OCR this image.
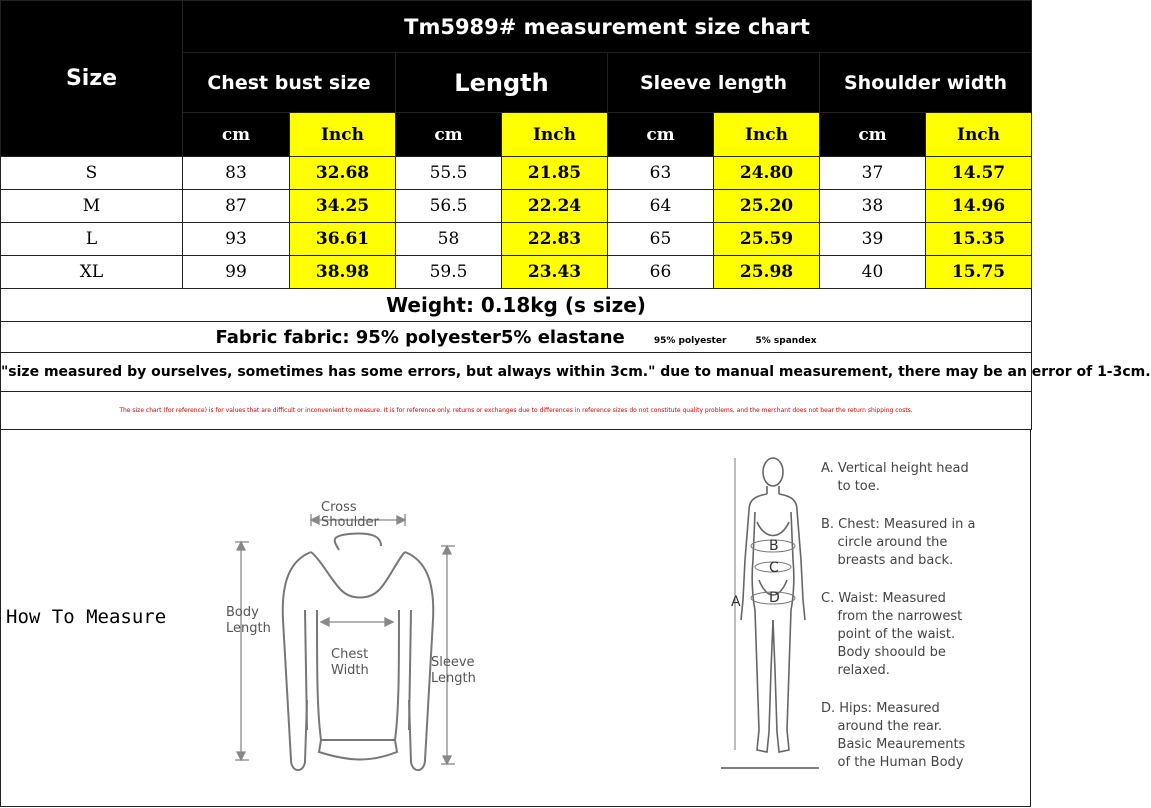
Size	Tm5989# measurement size chart							
	Chest bust size		Length		Sleeve length		Shoulder width	
	cm	Inch	cm	Inch	cm	Inch	cm	Inch
S	83	32.68	55.5	21.85	63	24.80	37	14.57
M	87	34.25	56.5	22.24	64	25.20	38	14.96
L	93	36.61	58	22.83	65	25.59	39	15.35
XL	99	38.98	59.5	23.43	66	25.98	40	15.75
Weight: 0.18kg (s size)								
Fabric fabric: 95% polyester5% elastane 95% polyester 5% spandex								
"size measured by ourselves, sometimes has some errors, but always within 3cm." due to manual measurement, there may be an error of 1-3cm.								
The size chart (for reference) is for values that are difficult or inconvenient to measure. It is for reference only. returns or exchanges due to differences in reference sizes do not constitute quality problems, and the merchant does not bear the return shipping costs.								
How To Measure
Cross
Shoulder
Body
Length
Chest
Width
Sleeve
Length
B
C
D
A
A. Vertical height head
to toe.
B. Chest: Measured in a
circle around the
breasts and back.
C. Waist: Measured
from the narrowest
point of the waist.
Body shoould be
relaxed.
D. Hips: Measured
around the rear.
Basic Meaurements
of the Human Body
